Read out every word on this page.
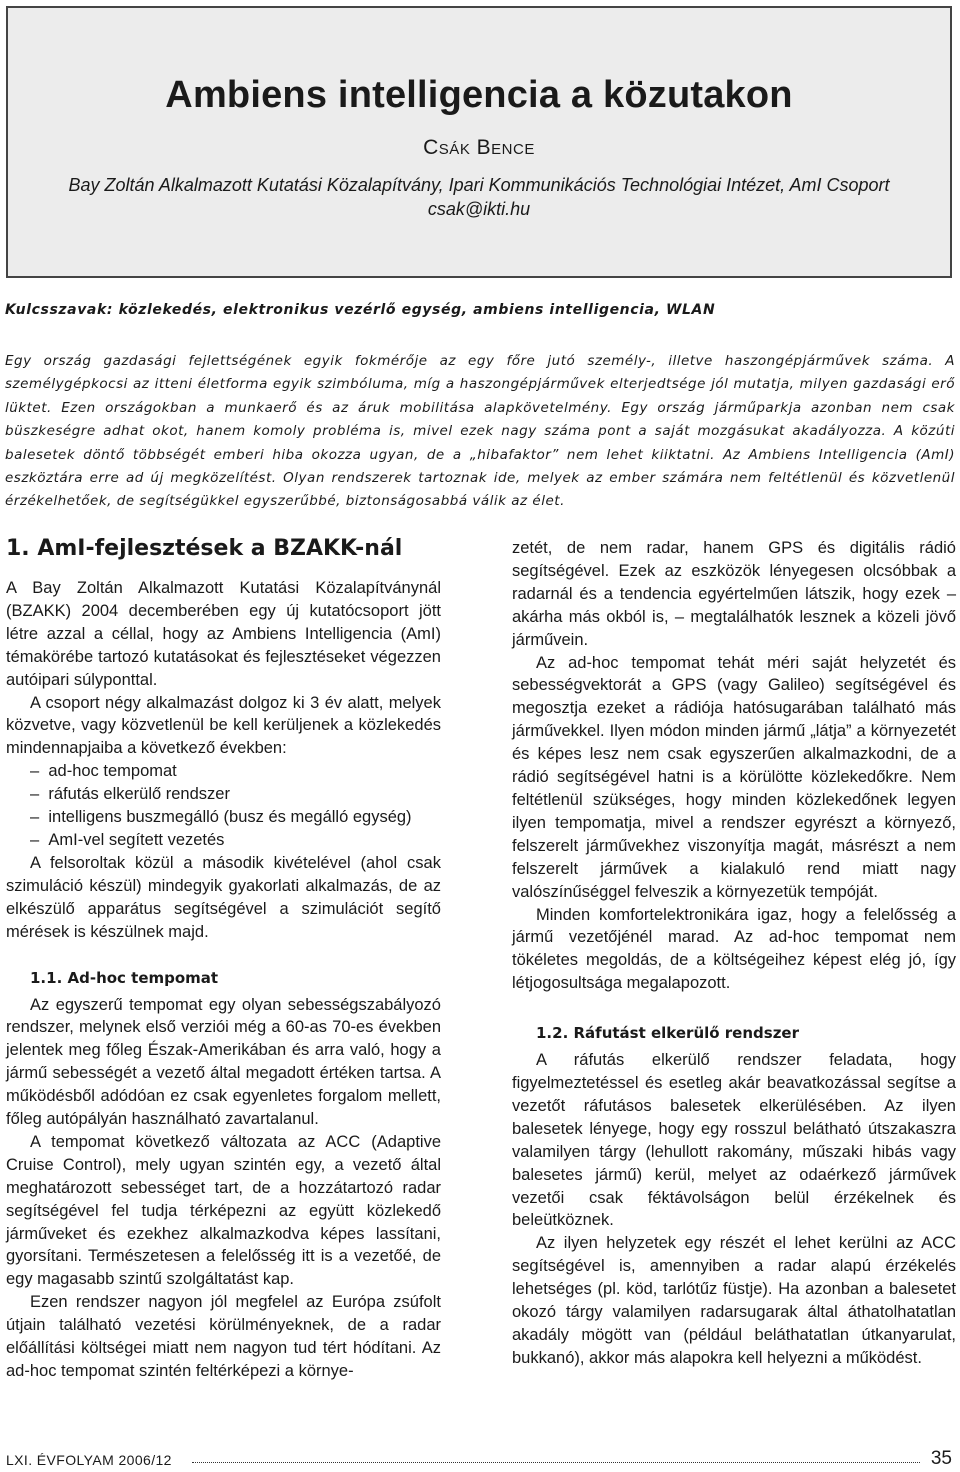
Ambiens intelligencia a közutakon
Csák Bence
Bay Zoltán Alkalmazott Kutatási Közalapítvány, Ipari Kommunikációs Technológiai Intézet, AmI Csoport
csak@ikti.hu
Kulcsszavak: közlekedés, elektronikus vezérlő egység, ambiens intelligencia, WLAN

Egy ország gazdasági fejlettségének egyik fokmérője az egy főre jutó személy-, illetve haszongépjárművek száma. A személygépkocsi az itteni életforma egyik szimbóluma, míg a haszongépjárművek elterjedtsége jól mutatja, milyen gazdasági erő lüktet. Ezen országokban a munkaerő és az áruk mobilitása alapkövetelmény. Egy ország járműparkja azonban nem csak büszkeségre adhat okot, hanem komoly probléma is, mivel ezek nagy száma pont a saját mozgásukat akadályozza. A közúti balesetek döntő többségét emberi hiba okozza ugyan, de a „hibafaktor” nem lehet kiiktatni. Az Ambiens Intelligencia (AmI) eszköztára erre ad új megközelítést. Olyan rendszerek tartoznak ide, melyek az ember számára nem feltétlenül és közvetlenül érzékelhetőek, de segítségükkel egyszerűbbé, biztonságosabbá válik az élet.

1. AmI-fejlesztések a BZAKK-nál

A Bay Zoltán Alkalmazott Kutatási Közalapítványnál (BZAKK) 2004 decemberében egy új kutatócsoport jött létre azzal a céllal, hogy az Ambiens Intelligencia (AmI) témakörébe tartozó kutatásokat és fejlesztéseket végezzen autóipari súlyponttal.

A csoport négy alkalmazást dolgoz ki 3 év alatt, melyek közvetve, vagy közvetlenül be kell kerüljenek a közlekedés mindennapjaiba a következő években:

–  ad-hoc tempomat
–  ráfutás elkerülő rendszer
–  intelligens buszmegálló (busz és megálló egység)
–  AmI-vel segített vezetés

A felsoroltak közül a második kivételével (ahol csak szimuláció készül) mindegyik gyakorlati alkalmazás, de az elkészülő apparátus segítségével a szimulációt segítő mérések is készülnek majd.

1.1. Ad-hoc tempomat

Az egyszerű tempomat egy olyan sebességszabályozó rendszer, melynek első verziói még a 60-as 70-es években jelentek meg főleg Észak-Amerikában és arra való, hogy a jármű sebességét a vezető által megadott értéken tartsa. A működésből adódóan ez csak egyenletes forgalom mellett, főleg autópályán használható zavartalanul.

A tempomat következő változata az ACC (Adaptive Cruise Control), mely ugyan szintén egy, a vezető által meghatározott sebességet tart, de a hozzátartozó radar segítségével fel tudja térképezni az együtt közlekedő járműveket és ezekhez alkalmazkodva képes lassítani, gyorsítani. Természetesen a felelősség itt is a vezetőé, de egy magasabb szintű szolgáltatást kap.

Ezen rendszer nagyon jól megfelel az Európa zsúfolt útjain található vezetési körülményeknek, de a radar előállítási költségei miatt nem nagyon tud tért hódítani. Az ad-hoc tempomat szintén feltérképezi a környe-

zetét, de nem radar, hanem GPS és digitális rádió segítségével. Ezek az eszközök lényegesen olcsóbbak a radarnál és a tendencia egyértelműen látszik, hogy ezek – akárha más okból is, – megtalálhatók lesznek a közeli jövő járművein.

Az ad-hoc tempomat tehát méri saját helyzetét és sebességvektorát a GPS (vagy Galileo) segítségével és megosztja ezeket a rádiója hatósugarában található más járművekkel. Ilyen módon minden jármű „látja” a környezetét és képes lesz nem csak egyszerűen alkalmazkodni, de a rádió segítségével hatni is a körülötte közlekedőkre. Nem feltétlenül szükséges, hogy minden közlekedőnek legyen ilyen tempomatja, mivel a rendszer egyrészt a környező, felszerelt járművekhez viszonyítja magát, másrészt a nem felszerelt járművek a kialakuló rend miatt nagy valószínűséggel felveszik a környezetük tempóját.

Minden komfortelektronikára igaz, hogy a felelősség a jármű vezetőjénél marad. Az ad-hoc tempomat nem tökéletes megoldás, de a költségeihez képest elég jó, így létjogosultsága megalapozott.

1.2. Ráfutást elkerülő rendszer

A ráfutás elkerülő rendszer feladata, hogy figyelmeztetéssel és esetleg akár beavatkozással segítse a vezetőt ráfutásos balesetek elkerülésében. Az ilyen balesetek lényege, hogy egy rosszul beláthatό útszakaszra valamilyen tárgy (lehullott rakomány, műszaki hibás vagy balesetes jármű) kerül, melyet az odaérkező járművek vezetői csak féktávolságon belül érzékelnek és beleütköznek.

Az ilyen helyzetek egy részét el lehet kerülni az ACC segítségével is, amennyiben a radar alapú érzékelés lehetséges (pl. köd, tarlótűz füstje). Ha azonban a balesetet okozó tárgy valamilyen radarsugarak által áthatolhatatlan akadály mögött van (például beláthatatlan útkanyarulat, bukkanó), akkor más alapokra kell helyezni a működést.

LXI. ÉVFOLYAM 2006/12	35
